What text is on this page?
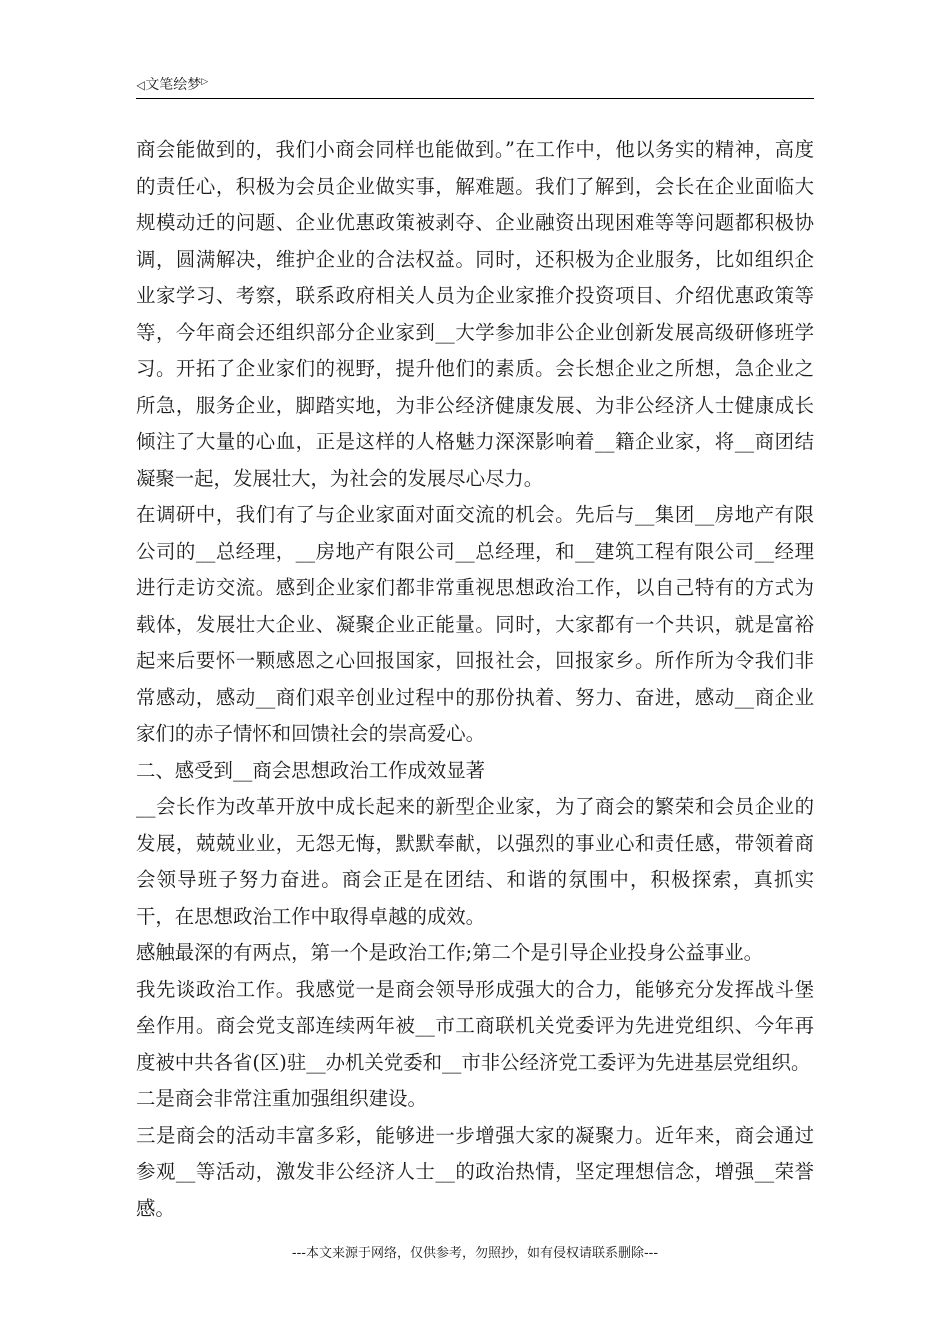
◁文笔绘梦▷

商会能做到的，我们小商会同样也能做到。”在工作中，他以务实的精神，高度的责任心，积极为会员企业做实事，解难题。我们了解到，会长在企业面临大规模动迁的问题、企业优惠政策被剥夺、企业融资出现困难等等问题都积极协调，圆满解决，维护企业的合法权益。同时，还积极为企业服务，比如组织企业家学习、考察，联系政府相关人员为企业家推介投资项目、介绍优惠政策等等，今年商会还组织部分企业家到__大学参加非公企业创新发展高级研修班学习。开拓了企业家们的视野，提升他们的素质。会长想企业之所想，急企业之所急，服务企业，脚踏实地，为非公经济健康发展、为非公经济人士健康成长倾注了大量的心血，正是这样的人格魅力深深影响着__籍企业家，将__商团结凝聚一起，发展壮大，为社会的发展尽心尽力。

在调研中，我们有了与企业家面对面交流的机会。先后与__集团__房地产有限公司的__总经理，__房地产有限公司__总经理，和__建筑工程有限公司__经理进行走访交流。感到企业家们都非常重视思想政治工作，以自己特有的方式为载体，发展壮大企业、凝聚企业正能量。同时，大家都有一个共识，就是富裕起来后要怀一颗感恩之心回报国家，回报社会，回报家乡。所作所为令我们非常感动，感动__商们艰辛创业过程中的那份执着、努力、奋进，感动__商企业家们的赤子情怀和回馈社会的崇高爱心。

二、感受到__商会思想政治工作成效显著

__会长作为改革开放中成长起来的新型企业家，为了商会的繁荣和会员企业的发展，兢兢业业，无怨无悔，默默奉献，以强烈的事业心和责任感，带领着商会领导班子努力奋进。商会正是在团结、和谐的氛围中，积极探索，真抓实干，在思想政治工作中取得卓越的成效。

感触最深的有两点，第一个是政治工作;第二个是引导企业投身公益事业。

我先谈政治工作。我感觉一是商会领导形成强大的合力，能够充分发挥战斗堡垒作用。商会党支部连续两年被__市工商联机关党委评为先进党组织、今年再度被中共各省(区)驻__办机关党委和__市非公经济党工委评为先进基层党组织。

二是商会非常注重加强组织建设。

三是商会的活动丰富多彩，能够进一步增强大家的凝聚力。近年来，商会通过参观__等活动，激发非公经济人士__的政治热情，坚定理想信念，增强__荣誉感。

---本文来源于网络，仅供参考，勿照抄，如有侵权请联系删除---
